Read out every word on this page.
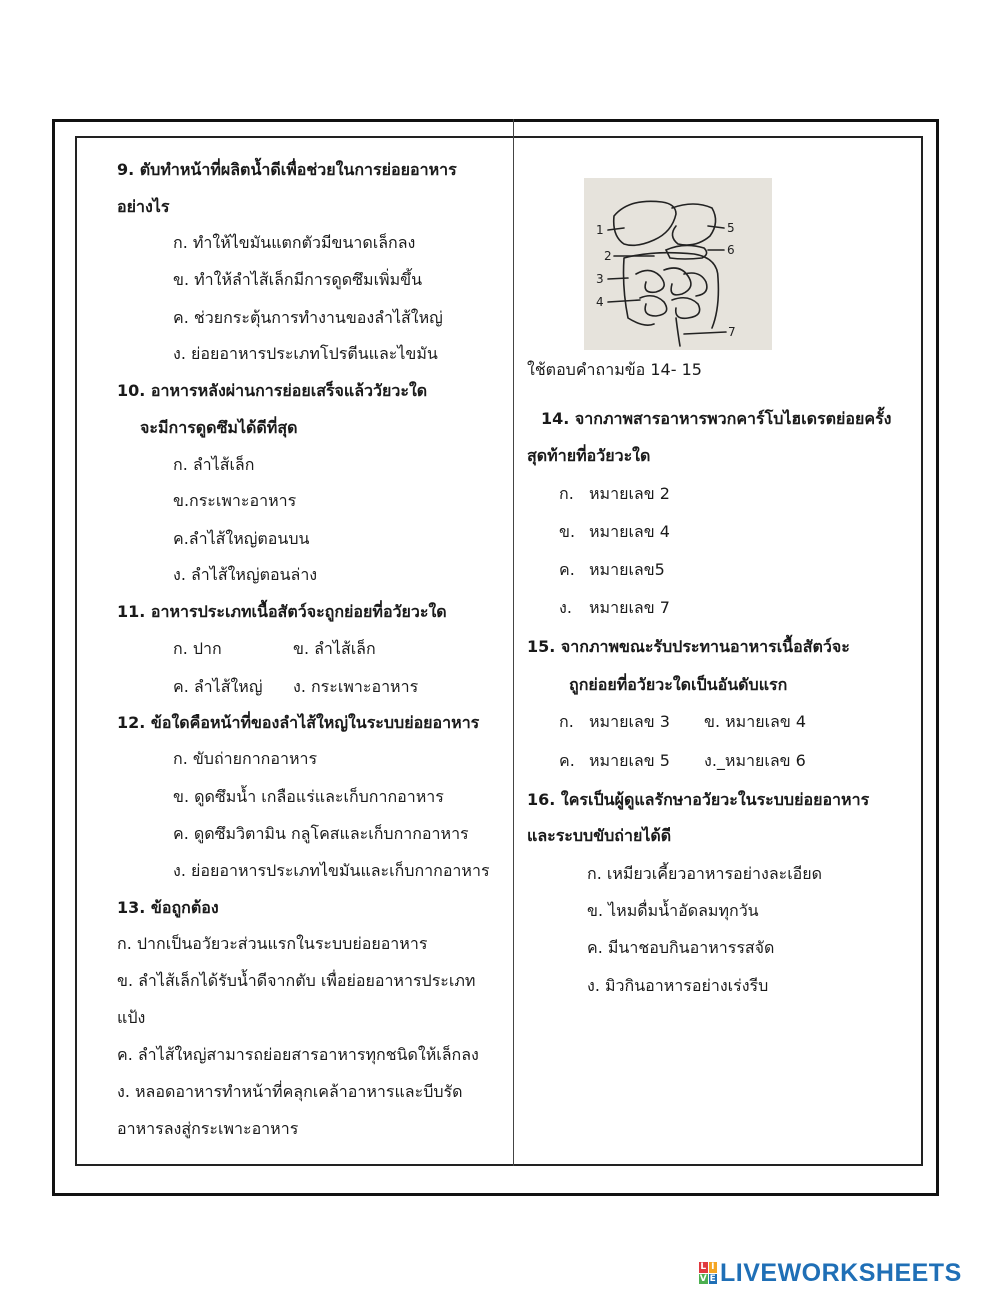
9. ตับทำหน้าที่ผลิตน้ำดีเพื่อช่วยในการย่อยอาหาร
อย่างไร
ก. ทำให้ไขมันแตกตัวมีขนาดเล็กลง
ข. ทำให้ลำไส้เล็กมีการดูดซึมเพิ่มขึ้น
ค. ช่วยกระตุ้นการทำงานของลำไส้ใหญ่
ง. ย่อยอาหารประเภทโปรตีนและไขมัน
10. อาหารหลังผ่านการย่อยเสร็จแล้ววัยวะใด
จะมีการดูดซึมได้ดีที่สุด
ก. ลำไส้เล็ก
ข.กระเพาะอาหาร
ค.ลำไส้ใหญ่ตอนบน
ง. ลำไส้ใหญ่ตอนล่าง
11. อาหารประเภทเนื้อสัตว์จะถูกย่อยที่อวัยวะใด
ก. ปาก	ข. ลำไส้เล็ก
ค. ลำไส้ใหญ่ ง. กระเพาะอาหาร
12. ข้อใดคือหน้าที่ของลำไส้ใหญ่ในระบบย่อยอาหาร
ก. ขับถ่ายกากอาหาร
ข. ดูดซึมน้ำ เกลือแร่และเก็บกากอาหาร
ค. ดูดซึมวิตามิน กลูโคสและเก็บกากอาหาร
ง. ย่อยอาหารประเภทไขมันและเก็บกากอาหาร
13. ข้อถูกต้อง
ก. ปากเป็นอวัยวะส่วนแรกในระบบย่อยอาหาร
ข. ลำไส้เล็กได้รับน้ำดีจากตับ เพื่อย่อยอาหารประเภท
แป้ง
ค. ลำไส้ใหญ่สามารถย่อยสารอาหารทุกชนิดให้เล็กลง
ง. หลอดอาหารทำหน้าที่คลุกเคล้าอาหารและบีบรัด
อาหารลงสู่กระเพาะอาหาร
1
2
3
4
5
6
7
ใช้ตอบคำถามข้อ 14- 15
14. จากภาพสารอาหารพวกคาร์โบไฮเดรตย่อยครั้ง
สุดท้ายที่อวัยวะใด
ก. หมายเลข 2
ข. หมายเลข 4
ค. หมายเลข5
ง. หมายเลข 7
15. จากภาพขณะรับประทานอาหารเนื้อสัตว์จะ
ถูกย่อยที่อวัยวะใดเป็นอันดับแรก
ก. หมายเลข 3 ข. หมายเลข 4
ค. หมายเลข 5 ง._หมายเลข 6
16. ใครเป็นผู้ดูแลรักษาอวัยวะในระบบย่อยอาหาร
และระบบขับถ่ายได้ดี
ก. เหมียวเคี้ยวอาหารอย่างละเอียด
ข. ไหมดื่มน้ำอัดลมทุกวัน
ค. มีนาชอบกินอาหารรสจัด
ง. มิวกินอาหารอย่างเร่งรีบ
L I
V E LIVEWORKSHEETS
